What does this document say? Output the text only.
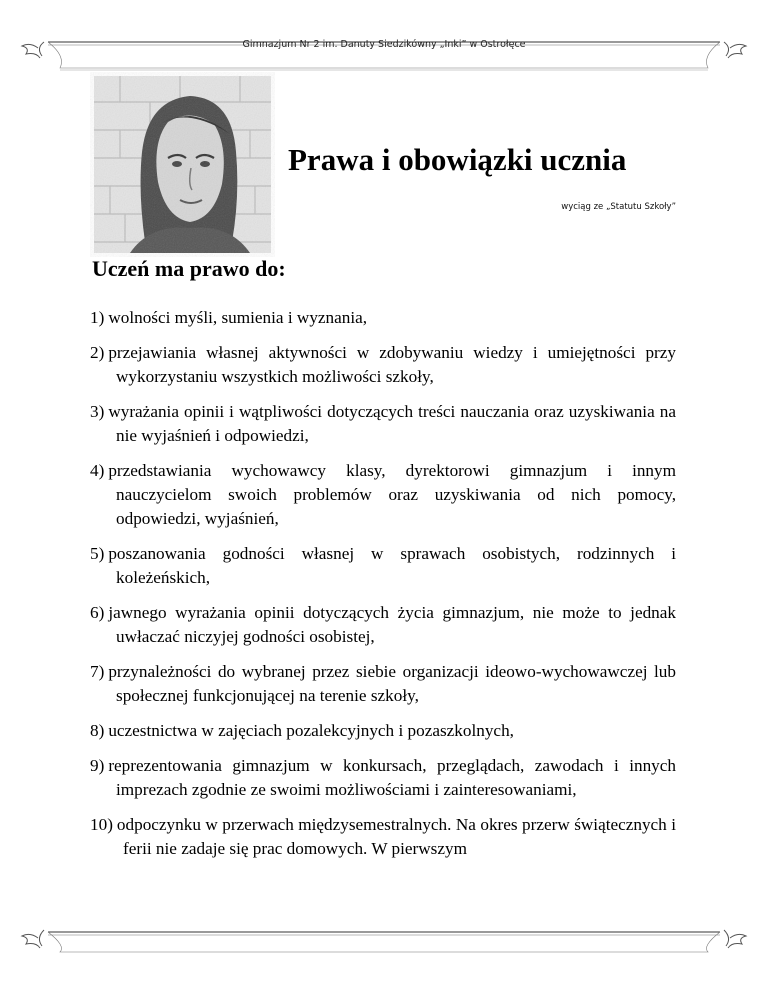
Gimnazjum Nr 2 im. Danuty Siedzikówny „Inki” w Ostrołęce
Prawa i obowiązki ucznia
wyciąg ze „Statutu Szkoły”
Uczeń ma prawo do:
1) wolności myśli, sumienia i wyznania,
2) przejawiania własnej aktywności w zdobywaniu wiedzy i umiejętności przy wykorzystaniu wszystkich możliwości szkoły,
3) wyrażania opinii i wątpliwości dotyczących treści nauczania oraz uzyskiwania na nie wyjaśnień i odpowiedzi,
4) przedstawiania wychowawcy klasy, dyrektorowi gimnazjum i innym nauczycielom swoich problemów oraz uzyskiwania od nich pomocy, odpowiedzi, wyjaśnień,
5) poszanowania godności własnej w sprawach osobistych, rodzinnych i koleżeńskich,
6) jawnego wyrażania opinii dotyczących życia gimnazjum, nie może to jednak uwłaczać niczyjej godności osobistej,
7) przynależności do wybranej przez siebie organizacji ideowo-wychowawczej lub społecznej funkcjonującej na terenie szkoły,
8) uczestnictwa w zajęciach pozalekcyjnych i pozaszkolnych,
9) reprezentowania gimnazjum w konkursach, przeglądach, zawodach i innych imprezach zgodnie ze swoimi możliwościami i zainteresowaniami,
10) odpoczynku w przerwach międzysemestralnych. Na okres przerw świątecznych i ferii nie zadaje się prac domowych. W pierwszym
